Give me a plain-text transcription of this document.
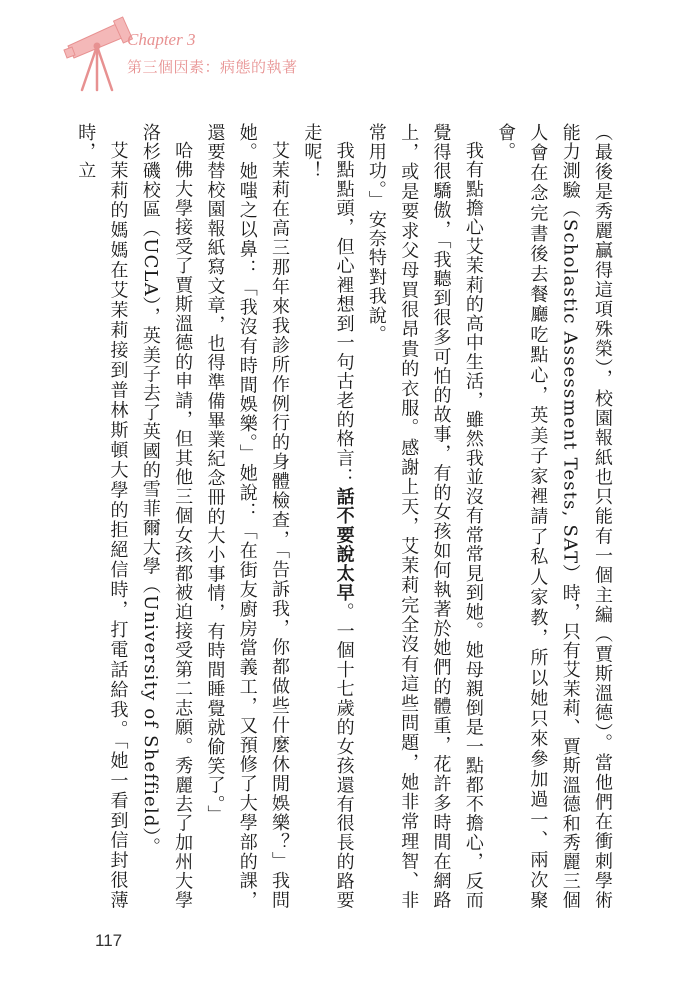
Chapter 3
第三個因素：病態的執著

（最後是秀麗贏得這項殊榮），校園報紙也只能有一個主編（賈斯溫德）。當他們在衝刺學術能力測驗（Scholastic Assessment Tests, SAT）時，只有艾茉莉、賈斯溫德和秀麗三個人會在念完書後去餐廳吃點心，英美子家裡請了私人家教，所以她只來參加過一、兩次聚會。

我有點擔心艾茉莉的高中生活，雖然我並沒有常常見到她。她母親倒是一點都不擔心，反而覺得很驕傲，「我聽到很多可怕的故事，有的女孩如何執著於她們的體重，花許多時間在網路上，或是要求父母買很昂貴的衣服。感謝上天，艾茉莉完全沒有這些問題，她非常理智、非常用功。」安奈特對我說。

我點點頭，但心裡想到一句古老的格言：話不要說太早。一個十七歲的女孩還有很長的路要走呢！

艾茉莉在高三那年來我診所作例行的身體檢查，「告訴我，你都做些什麼休閒娛樂？」我問她。她嗤之以鼻：「我沒有時間娛樂。」她說：「在街友廚房當義工，又預修了大學部的課，還要替校園報紙寫文章，也得準備畢業紀念冊的大小事情，有時間睡覺就偷笑了。」

哈佛大學接受了賈斯溫德的申請，但其他三個女孩都被迫接受第二志願。秀麗去了加州大學洛杉磯校區（UCLA），英美子去了英國的雪菲爾大學（University of Sheffield）。

艾茉莉的媽媽在艾茉莉接到普林斯頓大學的拒絕信時，打電話給我。「她一看到信封很薄時，立

117
